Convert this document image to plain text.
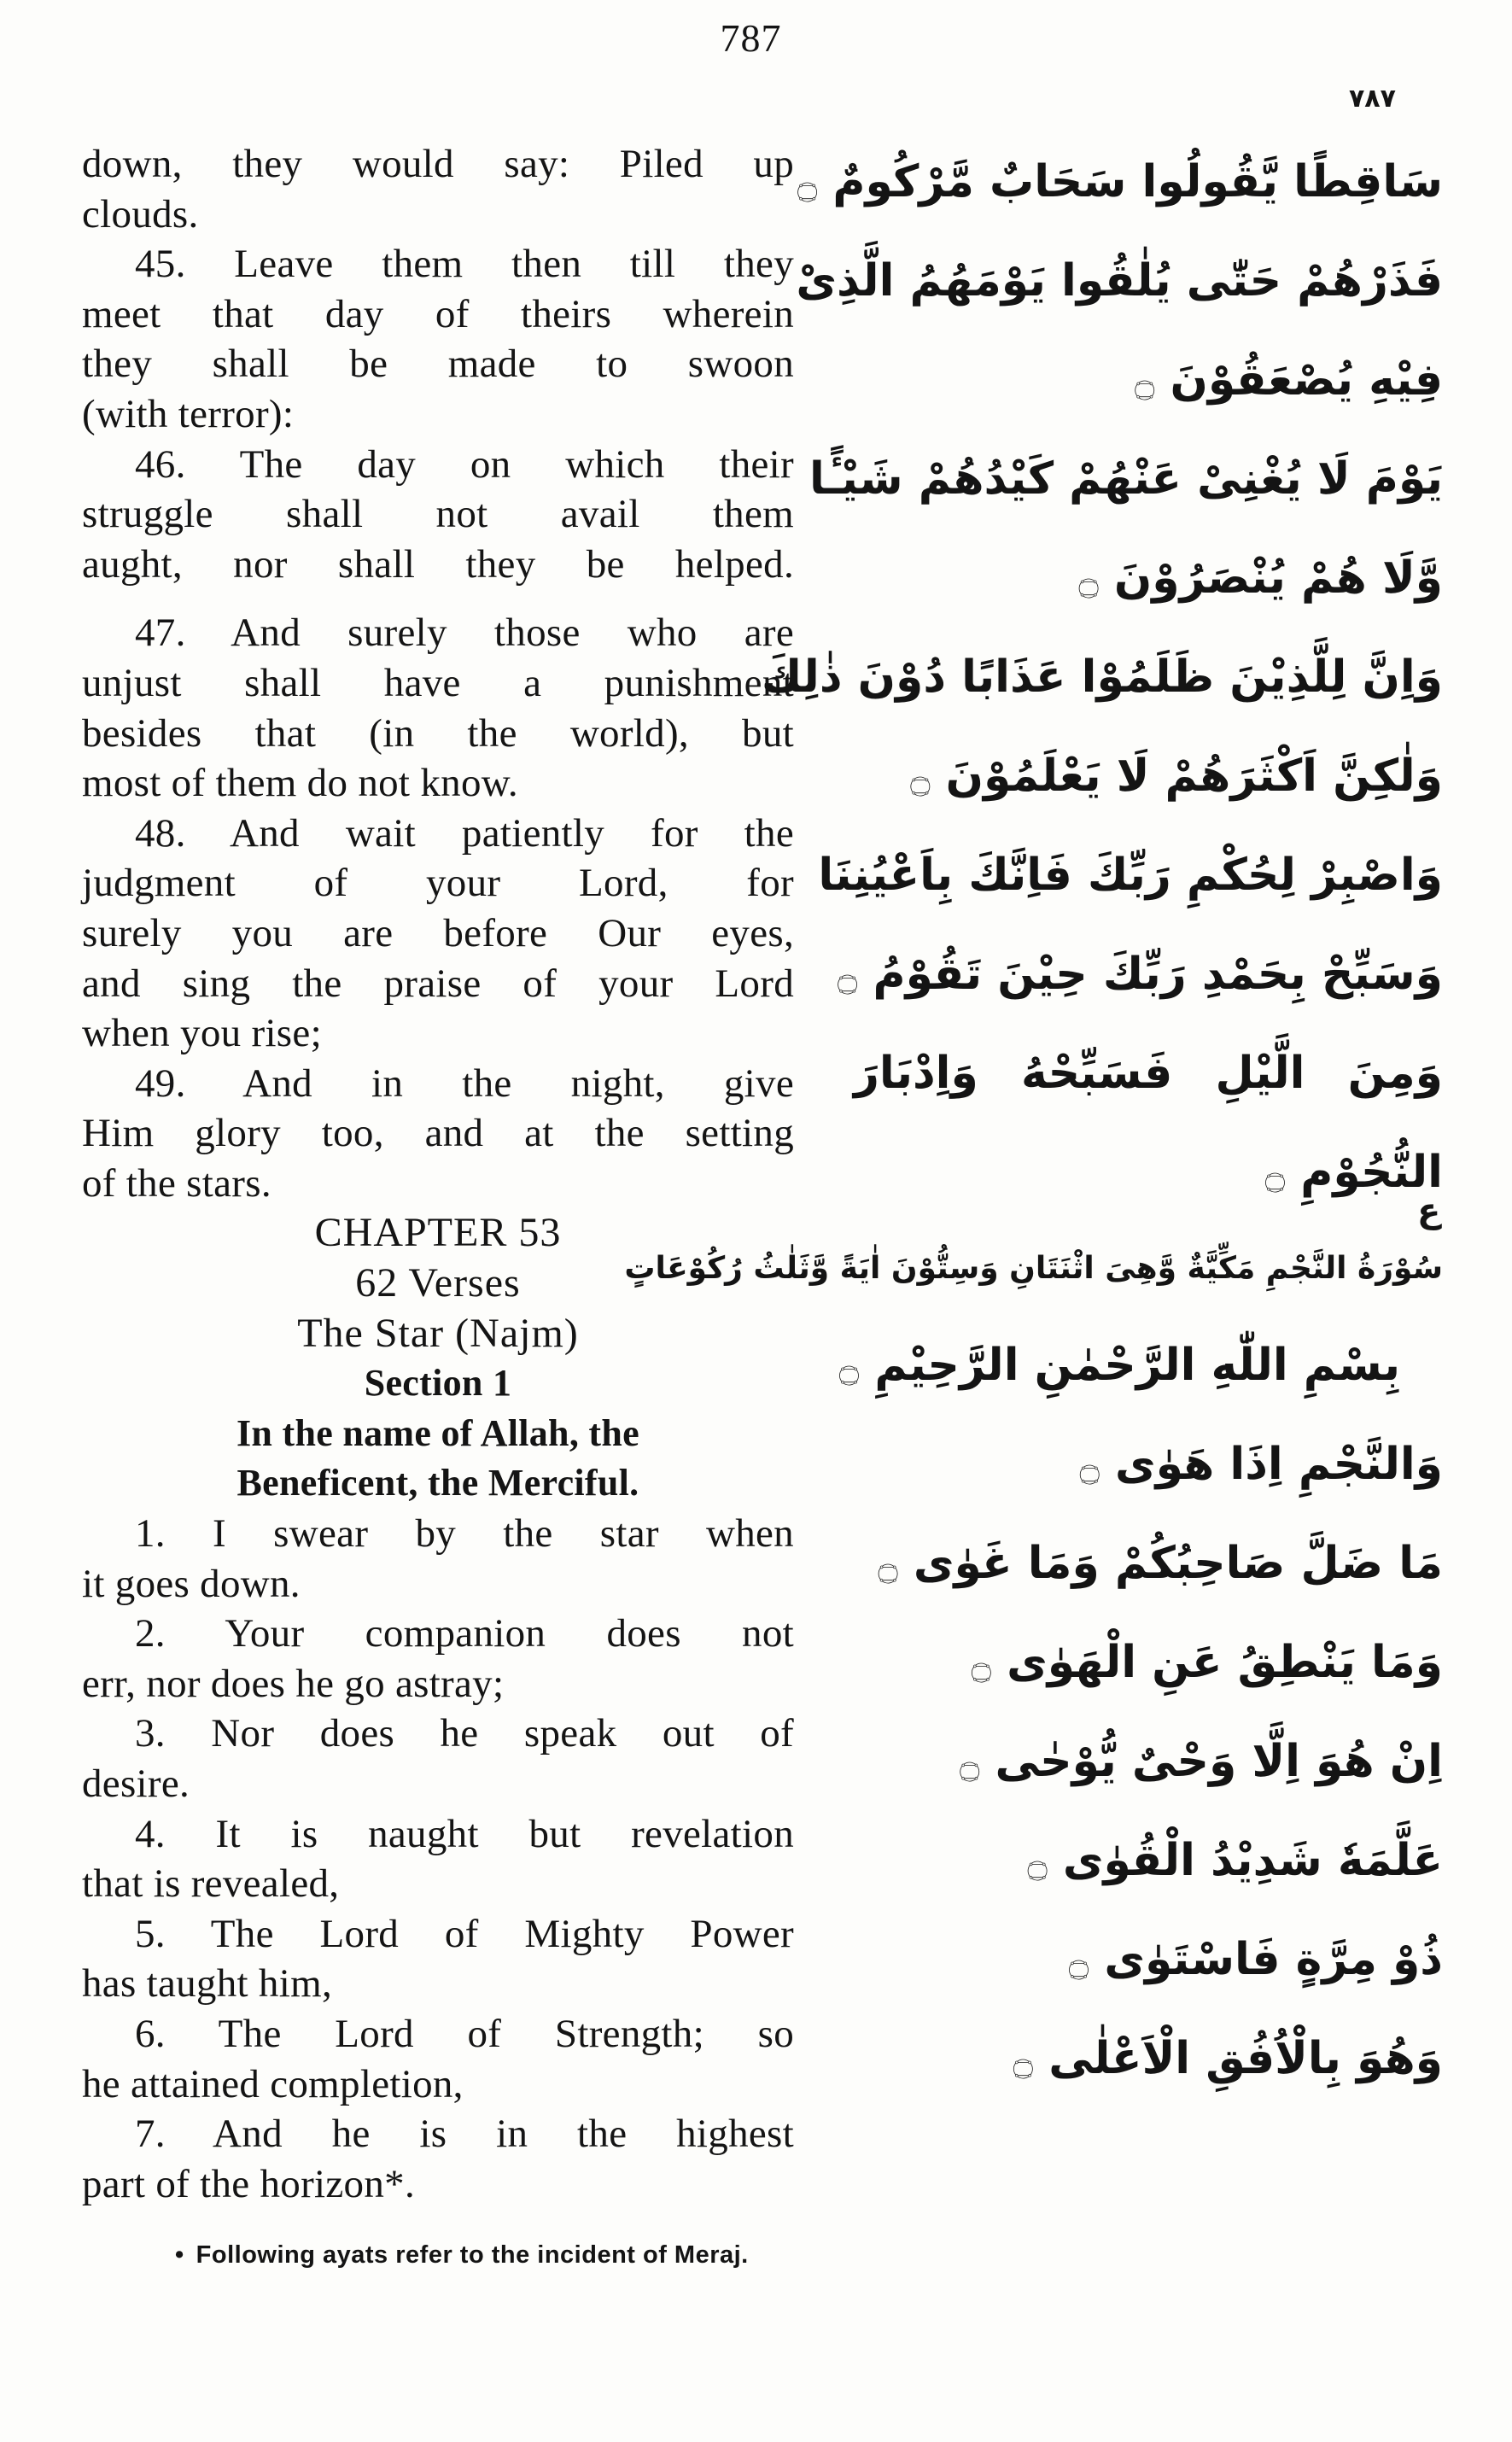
787
۷۸۷
down, they would say: Piled up
clouds.
45. Leave them then till they
meet that day of theirs wherein
they shall be made to swoon
(with terror):
46. The day on which their
struggle shall not avail them
aught, nor shall they be helped.
47. And surely those who are
unjust shall have a punishment
besides that (in the world), but
most of them do not know.
48. And wait patiently for the
judgment of your Lord, for
surely you are before Our eyes,
and sing the praise of your Lord
when you rise;
49. And in the night, give
Him glory too, and at the setting
of the stars.
CHAPTER 53
62 Verses
The Star (Najm)
Section 1
In the name of Allah, the
Beneficent, the Merciful.
1. I swear by the star when
it goes down.
2. Your companion does not
err, nor does he go astray;
3. Nor does he speak out of
desire.
4. It is naught but revelation
that is revealed,
5. The Lord of Mighty Power
has taught him,
6. The Lord of Strength; so
he attained completion,
7. And he is in the highest
part of the horizon*.
• Following ayats refer to the incident of Meraj.
سَاقِطًا يَّقُولُوا سَحَابٌ مَّرْكُومٌ ۝
فَذَرْهُمْ حَتّٰى يُلٰقُوا يَوْمَهُمُ الَّذِىْ
فِيْهِ يُصْعَقُوْنَ ۝
يَوْمَ لَا يُغْنِىْ عَنْهُمْ كَيْدُهُمْ شَيْـًٔا
وَّلَا هُمْ يُنْصَرُوْنَ ۝
وَاِنَّ لِلَّذِيْنَ ظَلَمُوْا عَذَابًا دُوْنَ ذٰلِكَ
وَلٰكِنَّ اَكْثَرَهُمْ لَا يَعْلَمُوْنَ ۝
وَاصْبِرْ لِحُكْمِ رَبِّكَ فَاِنَّكَ بِاَعْيُنِنَا
وَسَبِّحْ بِحَمْدِ رَبِّكَ حِيْنَ تَقُوْمُ ۝
وَمِنَ الَّيْلِ فَسَبِّحْهُ وَاِدْبَارَ
النُّجُوْمِ ۝
سُوْرَةُ النَّجْمِ مَكِّيَّةٌ وَّهِىَ اثْنَتَانِ وَسِتُّوْنَ اٰيَةً وَّثَلٰثُ رُكُوْعَاتٍ
بِسْمِ اللّٰهِ الرَّحْمٰنِ الرَّحِيْمِ ۝
وَالنَّجْمِ اِذَا هَوٰى ۝
مَا ضَلَّ صَاحِبُكُمْ وَمَا غَوٰى ۝
وَمَا يَنْطِقُ عَنِ الْهَوٰى ۝
اِنْ هُوَ اِلَّا وَحْىٌ يُّوْحٰى ۝
عَلَّمَهٗ شَدِيْدُ الْقُوٰى ۝
ذُوْ مِرَّةٍ فَاسْتَوٰى ۝
وَهُوَ بِالْاُفُقِ الْاَعْلٰى ۝
ع
